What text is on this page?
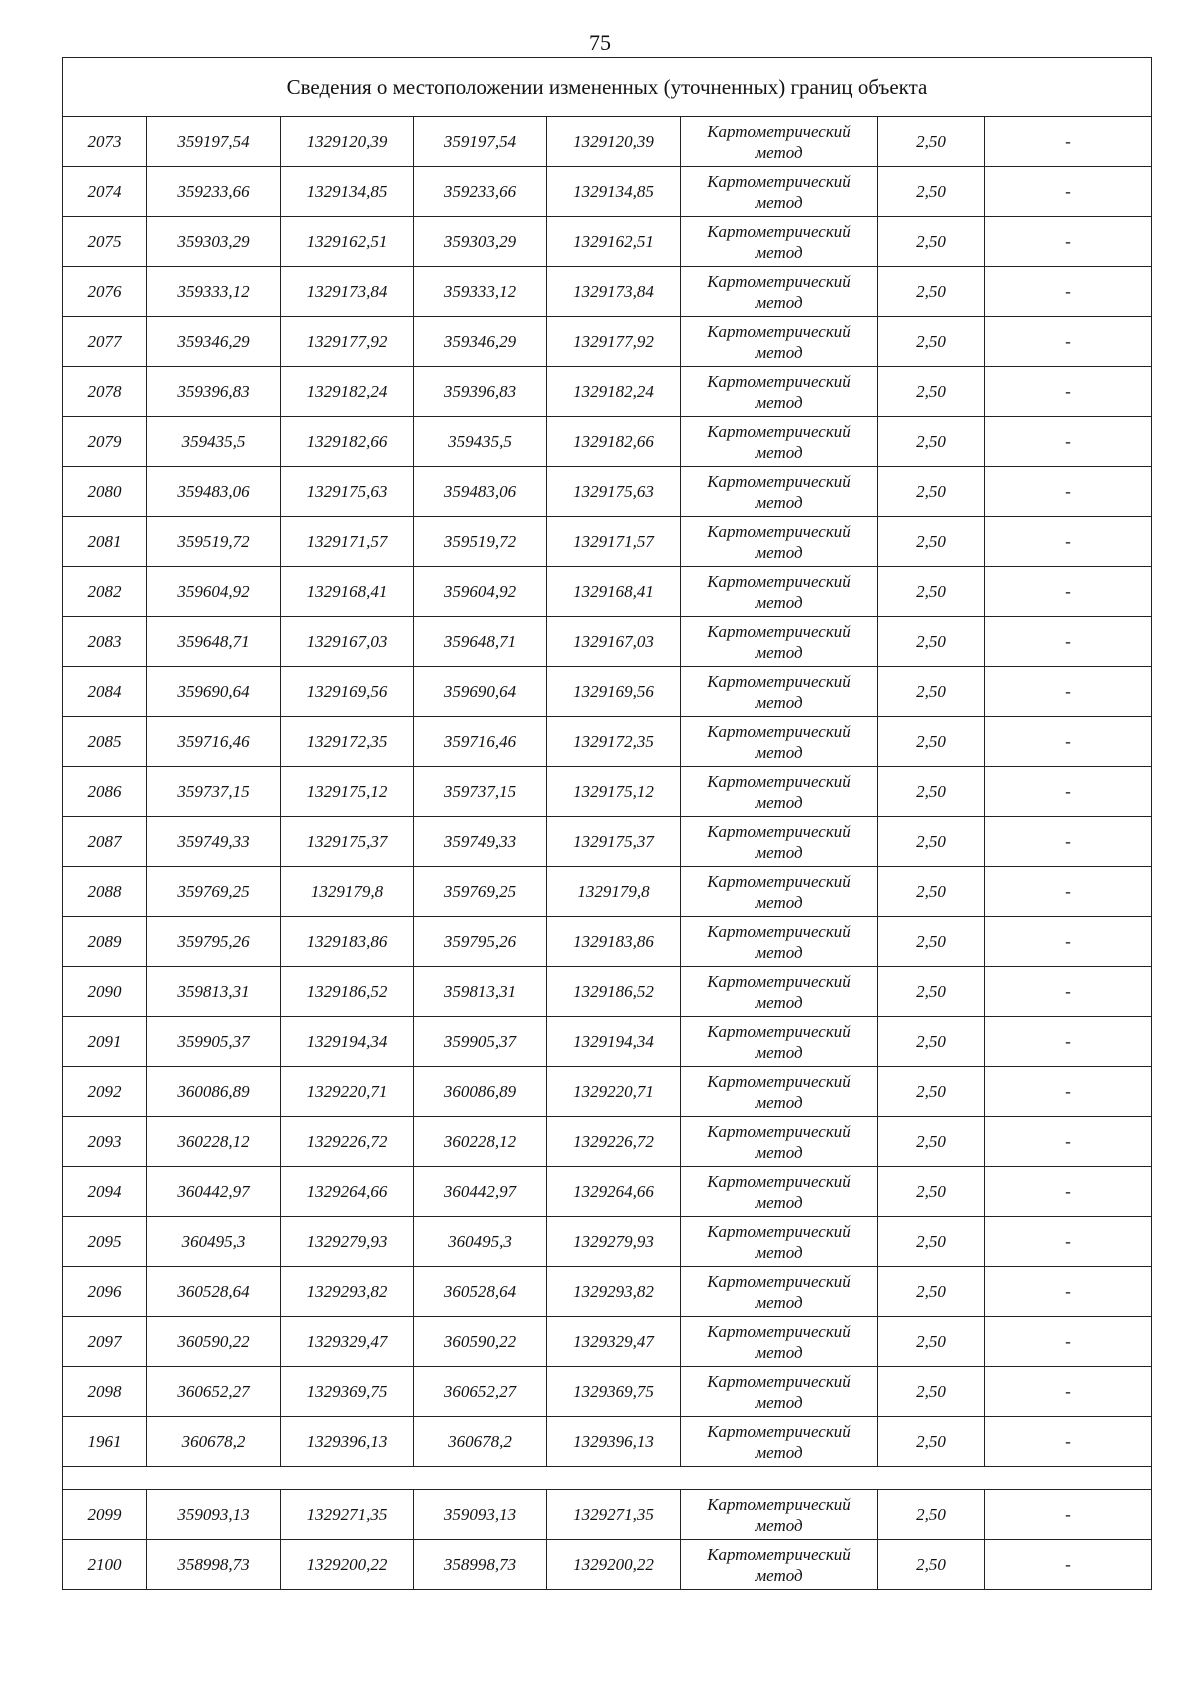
75
Сведения о местоположении измененных (уточненных) границ объекта							
2073	359197,54	1329120,39	359197,54	1329120,39	Картометрический
метод	2,50	-
2074	359233,66	1329134,85	359233,66	1329134,85	Картометрический
метод	2,50	-
2075	359303,29	1329162,51	359303,29	1329162,51	Картометрический
метод	2,50	-
2076	359333,12	1329173,84	359333,12	1329173,84	Картометрический
метод	2,50	-
2077	359346,29	1329177,92	359346,29	1329177,92	Картометрический
метод	2,50	-
2078	359396,83	1329182,24	359396,83	1329182,24	Картометрический
метод	2,50	-
2079	359435,5	1329182,66	359435,5	1329182,66	Картометрический
метод	2,50	-
2080	359483,06	1329175,63	359483,06	1329175,63	Картометрический
метод	2,50	-
2081	359519,72	1329171,57	359519,72	1329171,57	Картометрический
метод	2,50	-
2082	359604,92	1329168,41	359604,92	1329168,41	Картометрический
метод	2,50	-
2083	359648,71	1329167,03	359648,71	1329167,03	Картометрический
метод	2,50	-
2084	359690,64	1329169,56	359690,64	1329169,56	Картометрический
метод	2,50	-
2085	359716,46	1329172,35	359716,46	1329172,35	Картометрический
метод	2,50	-
2086	359737,15	1329175,12	359737,15	1329175,12	Картометрический
метод	2,50	-
2087	359749,33	1329175,37	359749,33	1329175,37	Картометрический
метод	2,50	-
2088	359769,25	1329179,8	359769,25	1329179,8	Картометрический
метод	2,50	-
2089	359795,26	1329183,86	359795,26	1329183,86	Картометрический
метод	2,50	-
2090	359813,31	1329186,52	359813,31	1329186,52	Картометрический
метод	2,50	-
2091	359905,37	1329194,34	359905,37	1329194,34	Картометрический
метод	2,50	-
2092	360086,89	1329220,71	360086,89	1329220,71	Картометрический
метод	2,50	-
2093	360228,12	1329226,72	360228,12	1329226,72	Картометрический
метод	2,50	-
2094	360442,97	1329264,66	360442,97	1329264,66	Картометрический
метод	2,50	-
2095	360495,3	1329279,93	360495,3	1329279,93	Картометрический
метод	2,50	-
2096	360528,64	1329293,82	360528,64	1329293,82	Картометрический
метод	2,50	-
2097	360590,22	1329329,47	360590,22	1329329,47	Картометрический
метод	2,50	-
2098	360652,27	1329369,75	360652,27	1329369,75	Картометрический
метод	2,50	-
1961	360678,2	1329396,13	360678,2	1329396,13	Картометрический
метод	2,50	-

2099	359093,13	1329271,35	359093,13	1329271,35	Картометрический
метод	2,50	-
2100	358998,73	1329200,22	358998,73	1329200,22	Картометрический
метод	2,50	-
